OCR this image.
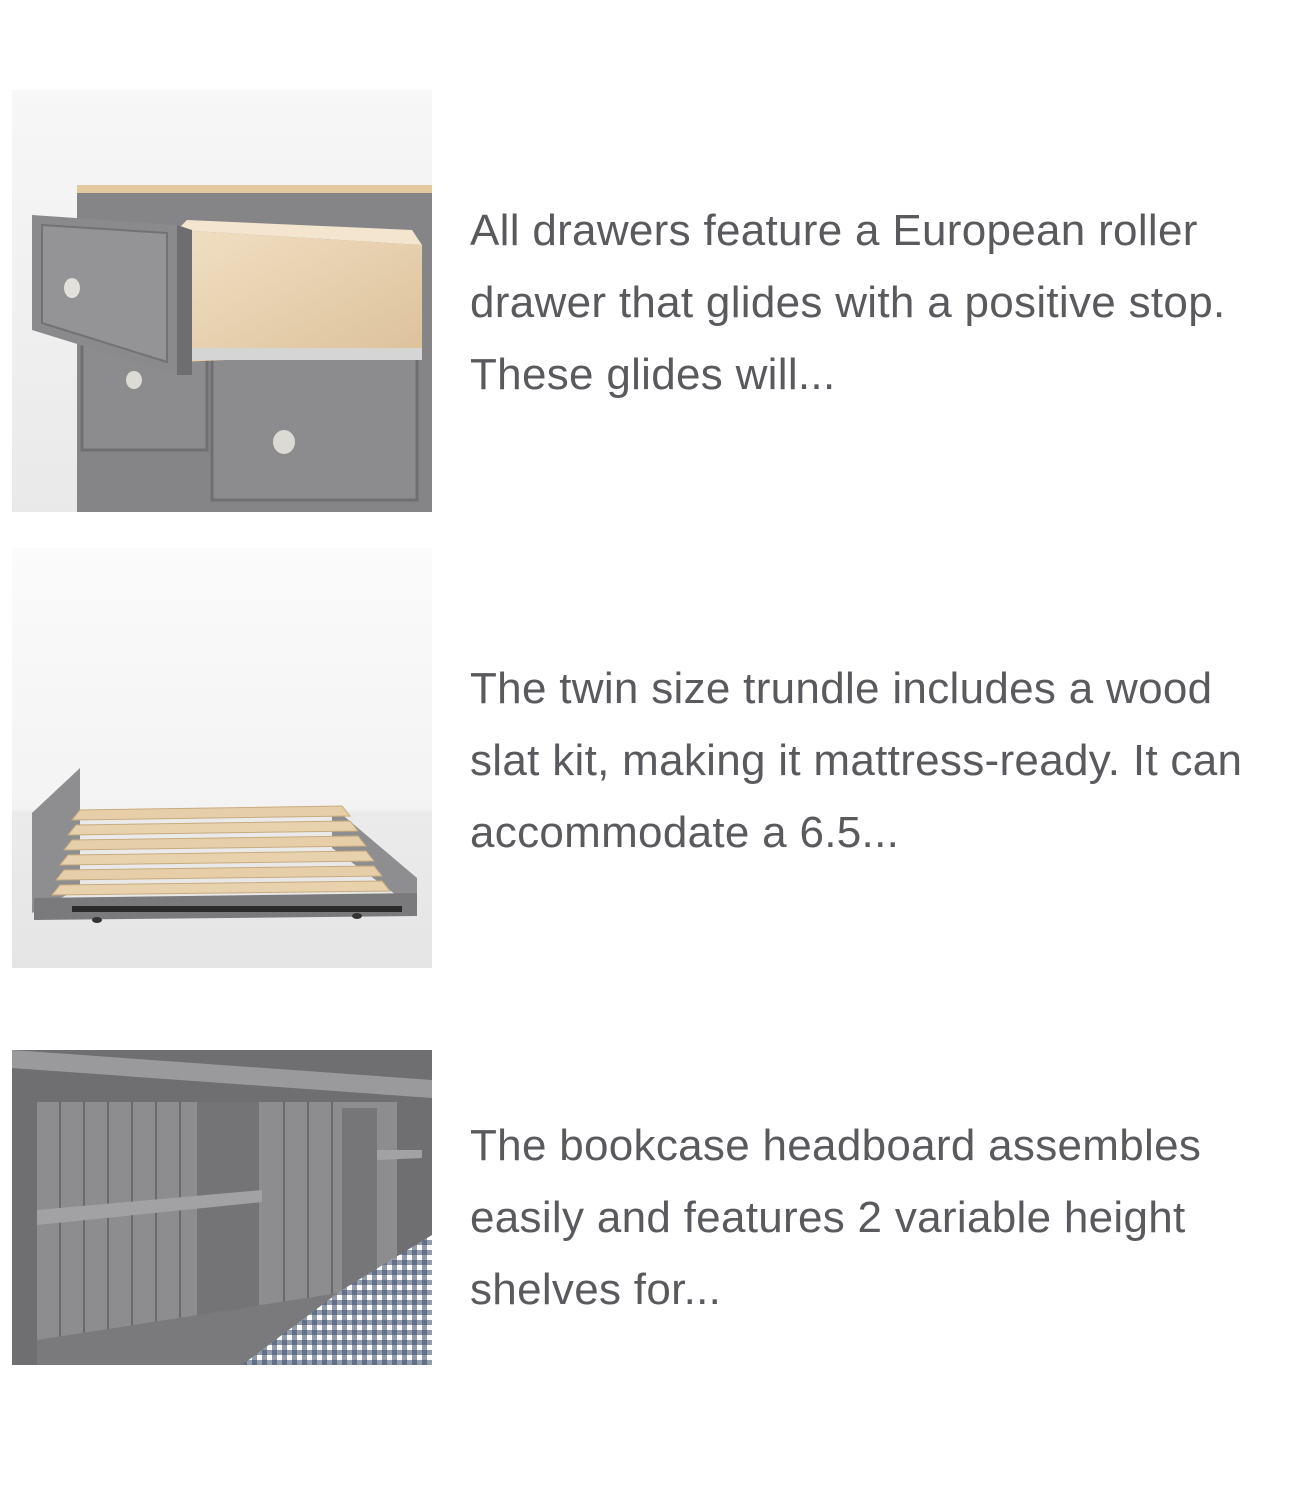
All drawers feature a European roller drawer that glides with a positive stop. These glides will...

The twin size trundle includes a wood slat kit, making it mattress-ready. It can accommodate a 6.5...

The bookcase headboard assembles easily and features 2 variable height shelves for...
